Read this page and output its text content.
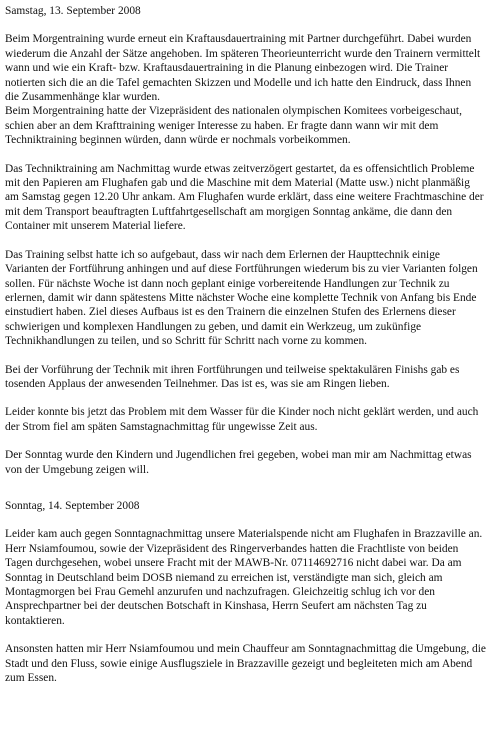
Samstag, 13. September 2008

Beim Morgentraining wurde erneut ein Kraftausdauertraining mit Partner durchgeführt. Dabei wurden wiederum die Anzahl der Sätze angehoben. Im späteren Theorieunterricht wurde den Trainern vermittelt wann und wie ein Kraft- bzw. Kraftausdauertraining in die Planung einbezogen wird. Die Trainer notierten sich die an die Tafel gemachten Skizzen und Modelle und ich hatte den Eindruck, dass Ihnen die Zusammenhänge klar wurden.

Beim Morgentraining hatte der Vizepräsident des nationalen olympischen Komitees vorbeigeschaut, schien aber an dem Krafttraining weniger Interesse zu haben. Er fragte dann wann wir mit dem Techniktraining beginnen würden, dann würde er nochmals vorbeikommen.

Das Techniktraining am Nachmittag wurde etwas zeitverzögert gestartet, da es offensichtlich Probleme mit den Papieren am Flughafen gab und die Maschine mit dem Material (Matte usw.) nicht planmäßig am Samstag gegen 12.20 Uhr ankam. Am Flughafen wurde erklärt, dass eine weitere Frachtmaschine der mit dem Transport beauftragten Luftfahrtgesellschaft am morgigen Sonntag ankäme, die dann den Container mit unserem Material liefere.

Das Training selbst hatte ich so aufgebaut, dass wir nach dem Erlernen der Haupttechnik einige Varianten der Fortführung anhingen und auf diese Fortführungen wiederum bis zu vier Varianten folgen sollen. Für nächste Woche ist dann noch geplant einige vorbereitende Handlungen zur Technik zu erlernen, damit wir dann spätestens Mitte nächster Woche eine komplette Technik von Anfang bis Ende einstudiert haben. Ziel dieses Aufbaus ist es den Trainern die einzelnen Stufen des Erlernens dieser schwierigen und komplexen Handlungen zu geben, und damit ein Werkzeug, um zukünfige Technikhandlungen zu teilen, und so Schritt für Schritt nach vorne zu kommen.

Bei der Vorführung der Technik mit ihren Fortführungen und teilweise spektakulären Finishs gab es tosenden Applaus der anwesenden Teilnehmer. Das ist es, was sie am Ringen lieben.

Leider konnte bis jetzt das Problem mit dem Wasser für die Kinder noch nicht geklärt werden, und auch der Strom fiel am späten Samstagnachmittag für ungewisse Zeit aus.

Der Sonntag wurde den Kindern und Jugendlichen frei gegeben, wobei man mir am Nachmittag etwas von der Umgebung zeigen will.

Sonntag, 14. September 2008

Leider kam auch gegen Sonntagnachmittag unsere Materialspende nicht am Flughafen in Brazzaville an. Herr Nsiamfoumou, sowie der Vizepräsident des Ringerverbandes hatten die Frachtliste von beiden Tagen durchgesehen, wobei unsere Fracht mit der MAWB-Nr. 07114692716 nicht dabei war. Da am Sonntag in Deutschland beim DOSB niemand zu erreichen ist, verständigte man sich, gleich am Montagmorgen bei Frau Gemehl anzurufen und nachzufragen. Gleichzeitig schlug ich vor den Ansprechpartner bei der deutschen Botschaft in Kinshasa, Herrn Seufert am nächsten Tag zu kontaktieren.

Ansonsten hatten mir Herr Nsiamfoumou und mein Chauffeur am Sonntagnachmittag die Umgebung, die Stadt und den Fluss, sowie einige Ausflugsziele in Brazzaville gezeigt und begleiteten mich am Abend zum Essen.
